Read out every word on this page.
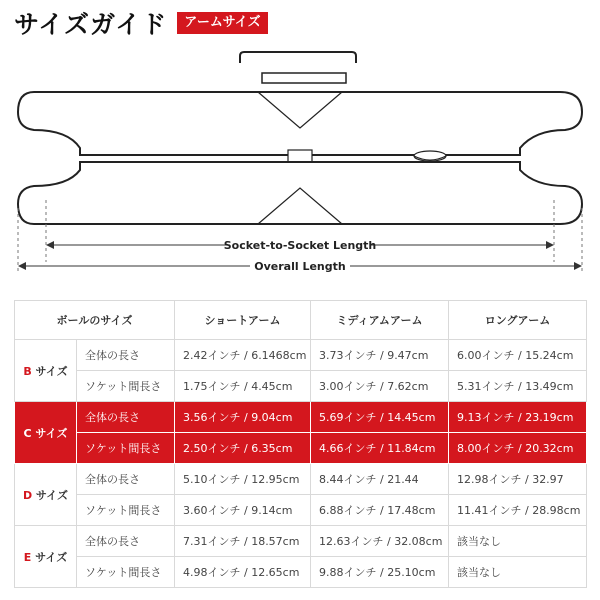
サイズガイド	アームサイズ
Socket-to-Socket Length
Overall Length
ボールのサイズ		ショートアーム	ミディアムアーム	ロングアーム
B サイズ	全体の長さ	2.42インチ / 6.1468cm	3.73インチ / 9.47cm	6.00インチ / 15.24cm
	ソケット間長さ	1.75インチ / 4.45cm	3.00インチ / 7.62cm	5.31インチ / 13.49cm
C サイズ	全体の長さ	3.56インチ / 9.04cm	5.69インチ / 14.45cm	9.13インチ / 23.19cm
	ソケット間長さ	2.50インチ / 6.35cm	4.66インチ / 11.84cm	8.00インチ / 20.32cm
D サイズ	全体の長さ	5.10インチ / 12.95cm	8.44インチ / 21.44	12.98インチ / 32.97
	ソケット間長さ	3.60インチ / 9.14cm	6.88インチ / 17.48cm	11.41インチ / 28.98cm
E サイズ	全体の長さ	7.31インチ / 18.57cm	12.63インチ / 32.08cm	該当なし
	ソケット間長さ	4.98インチ / 12.65cm	9.88インチ / 25.10cm	該当なし
